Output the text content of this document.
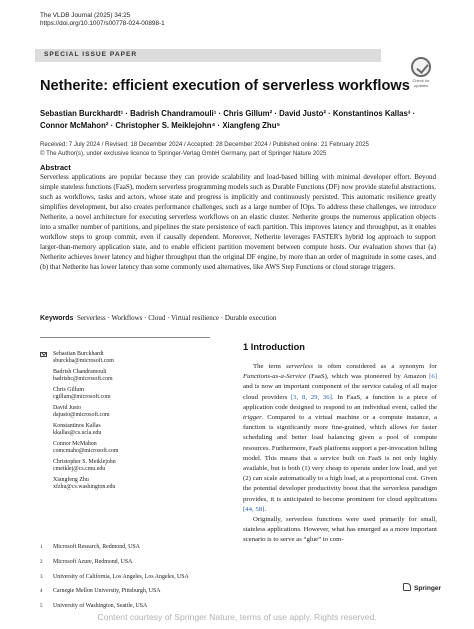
The VLDB Journal (2025) 34:25
https://doi.org/10.1007/s00778-024-00898-1
SPECIAL ISSUE PAPER
Check for updates
Netherite: efficient execution of serverless workflows
Sebastian Burckhardt¹ · Badrish Chandramouli¹ · Chris Gillum² · David Justo² · Konstantinos Kallas³ ·
Connor McMahon² · Christopher S. Meiklejohn⁴ · Xiangfeng Zhu⁵
Received: 7 July 2024 / Revised: 18 December 2024 / Accepted: 28 December 2024 / Published online: 21 February 2025
© The Author(s), under exclusive licence to Springer-Verlag GmbH Germany, part of Springer Nature 2025
Abstract
Serverless applications are popular because they can provide scalability and load-based billing with minimal developer effort. Beyond simple stateless functions (FaaS), modern serverless programming models such as Durable Functions (DF) now provide stateful abstractions, such as workflows, tasks and actors, whose state and progress is implicitly and continuously persisted. This automatic resilience greatly simplifies development, but also creates performance challenges, such as a large number of IOps. To address these challenges, we introduce Netherite, a novel architecture for executing serverless workflows on an elastic cluster. Netherite groups the numerous application objects into a smaller number of partitions, and pipelines the state persistence of each partition. This improves latency and throughput, as it enables workflow steps to group commit, even if causally dependent. Moreover, Netherite leverages FASTER's hybrid log approach to support larger-than-memory application state, and to enable efficient partition movement between compute hosts. Our evaluation shows that (a) Netherite achieves lower latency and higher throughput than the original DF engine, by more than an order of magnitude in some cases, and (b) that Netherite has lower latency than some commonly used alternatives, like AWS Step Functions or cloud storage triggers.
Keywords Serverless · Workflows · Cloud · Virtual resilience · Durable execution
Sebastian Burckhardt
sburckha@microsoft.com
Badrish Chandramouli
badrishc@microsoft.com
Chris Gillum
cgillum@microsoft.com
David Justo
dajusto@microsoft.com
Konstantinos Kallas
kkallas@cs.ucla.edu
Connor McMahon
comcmaho@microsoft.com
Christopher S. Meiklejohn
cmeiklej@cs.cmu.edu
Xiangfeng Zhu
xfzhu@cs.washington.edu
1 Microsoft Research, Redmond, USA
2 Microsoft Azure, Redmond, USA
3 University of California, Los Angeles, Los Angeles, USA
4 Carnegie Mellon University, Pittsburgh, USA
5 University of Washington, Seattle, USA
1 Introduction

The term serverless is often considered as a synonym for Functions-as-a-Service (FaaS), which was pioneered by Amazon [6] and is now an important component of the service catalog of all major cloud providers [3, 8, 29, 36]. In FaaS, a function is a piece of application code designed to respond to an individual event, called the trigger. Compared to a virtual machine or a compute instance, a function is significantly more fine-grained, which allows for faster scheduling and better load balancing given a pool of compute resources. Furthermore, FaaS platforms support a per-invocation billing model. This means that a service built on FaaS is not only highly available, but is both (1) very cheap to operate under low load, and yet (2) can scale automatically to a high load, at a proportional cost. Given the potential developer productivity boost that the serverless paradigm provides, it is anticipated to become prominent for cloud applications [44, 58].

Originally, serverless functions were used primarily for small, stateless applications. However, what has emerged as a more important scenario is to serve as “glue” to com-

Springer
Content courtesy of Springer Nature, terms of use apply. Rights reserved.
